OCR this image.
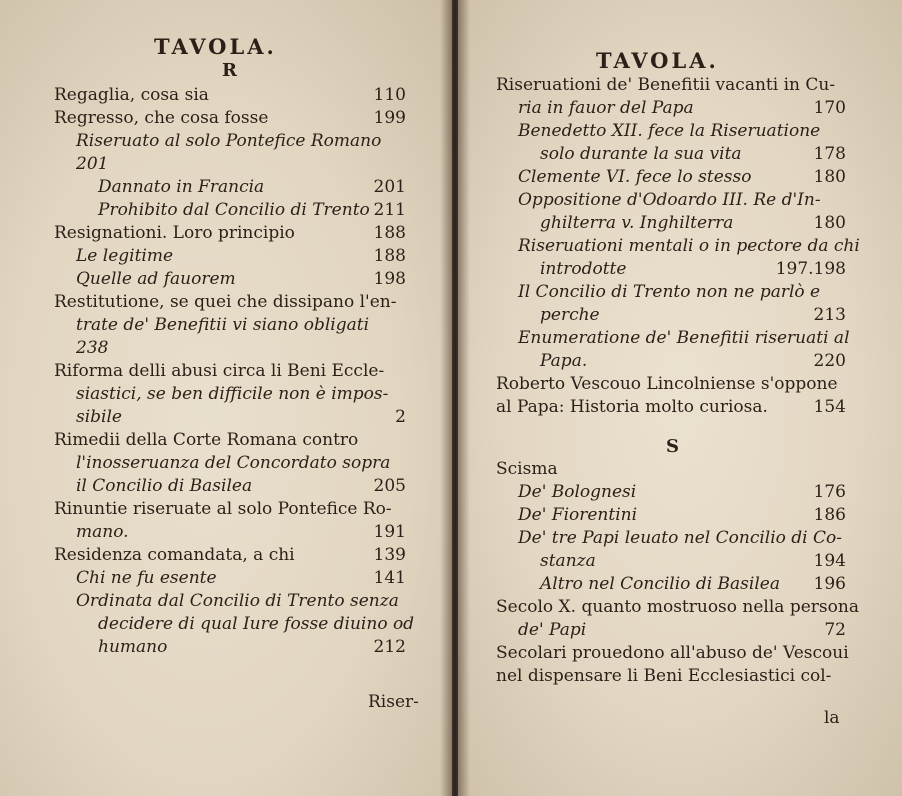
TAVOLA.
R
Regaglia, cosa sia	110
Regresso, che cosa fosse	199
Riseruato al solo Pontefice Romano
201
Dannato in Francia	201
Prohibito dal Concilio di Trento 211
Resignationi. Loro principio	188
Le legitime	188
Quelle ad fauorem	198
Restitutione, se quei che dissipano l'en-
trate de' Benefitii vi siano obligati
238
Riforma delli abusi circa li Beni Eccle-
siastici, se ben difficile non è impos-
sibile	2
Rimedii della Corte Romana contro
l'inosseruanza del Concordato sopra
il Concilio di Basilea	205
Rinuntie riseruate al solo Pontefice Ro-
mano.	191
Residenza comandata, a chi	139
Chi ne fu esente	141
Ordinata dal Concilio di Trento senza
decidere di qual Iure fosse diuino od
humano	212
Riser-
TAVOLA.
Riseruationi de' Benefitii vacanti in Cu-
ria in fauor del Papa	170
Benedetto XII. fece la Riseruatione
solo durante la sua vita	178
Clemente VI. fece lo stesso	180
Oppositione d'Odoardo III. Re d'In-
ghilterra v. Inghilterra	180
Riseruationi mentali o in pectore da chi
introdotte	197.198
Il Concilio di Trento non ne parlò e
perche	213
Enumeratione de' Benefitii riseruati al
Papa.	220
Roberto Vescouo Lincolniense s'oppone
al Papa: Historia molto curiosa.	154
S
Scisma
De' Bolognesi	176
De' Fiorentini	186
De' tre Papi leuato nel Concilio di Co-
stanza	194
Altro nel Concilio di Basilea 196
Secolo X. quanto mostruoso nella persona
de' Papi	72
Secolari prouedono all'abuso de' Vescoui
nel dispensare li Beni Ecclesiastici col-
la
